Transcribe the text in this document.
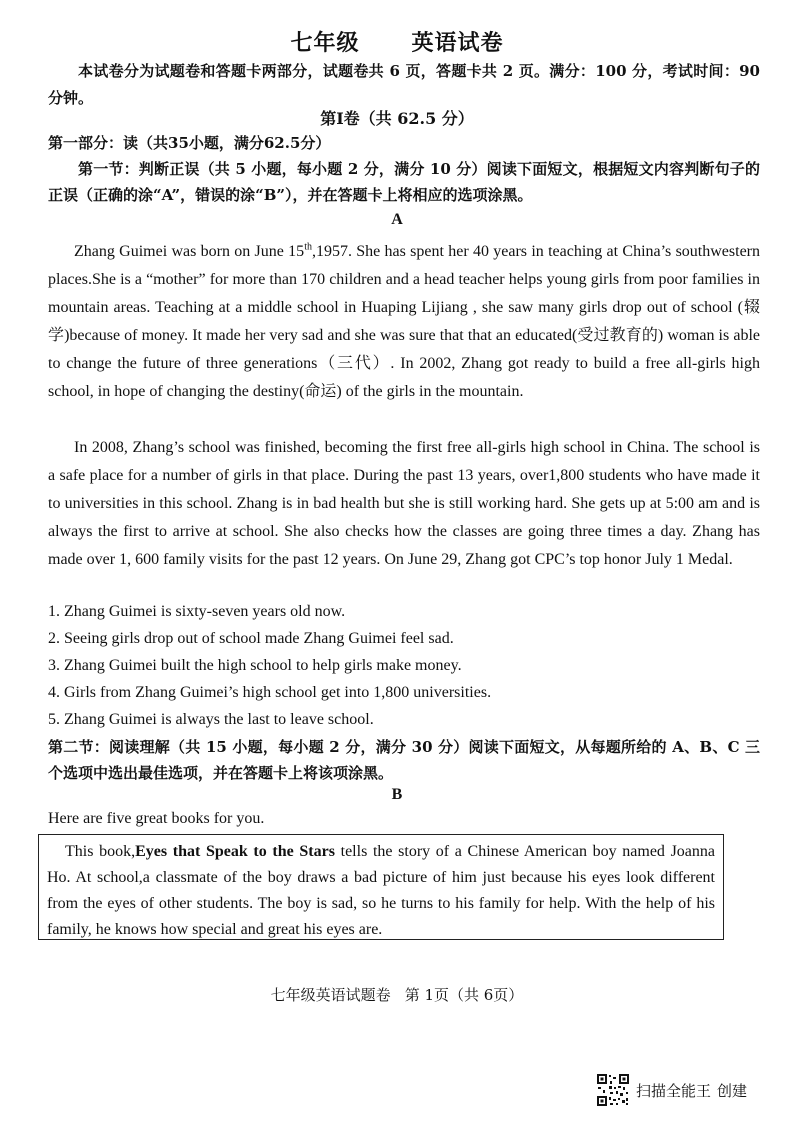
七年级 英语试卷
本试卷分为试题卷和答题卡两部分，试题卷共 6 页，答题卡共 2 页。满分：100 分，考试时间：90 分钟。
第I卷（共 62.5 分）
第一部分：读（共35小题，满分62.5分）
第一节：判断正误（共 5 小题，每小题 2 分，满分 10 分）阅读下面短文，根据短文内容判断句子的正误（正确的涂“A”，错误的涂“B”），并在答题卡上将相应的选项涂黑。
A

Zhang Guimei was born on June 15th,1957. She has spent her 40 years in teaching at China’s southwestern places.She is a “mother” for more than 170 children and a head teacher helps young girls from poor families in mountain areas. Teaching at a middle school in Huaping Lijiang , she saw many girls drop out of school (辍学)because of money. It made her very sad and she was sure that that an educated(受过教育的) woman is able to change the future of three generations（三代）. In 2002, Zhang got ready to build a free all-girls high school, in hope of changing the destiny(命运) of the girls in the mountain.

In 2008, Zhang’s school was finished, becoming the first free all-girls high school in China. The school is a safe place for a number of girls in that place. During the past 13 years, over1,800 students who have made it to universities in this school. Zhang is in bad health but she is still working hard. She gets up at 5:00 am and is always the first to arrive at school. She also checks how the classes are going three times a day. Zhang has made over 1, 600 family visits for the past 12 years. On June 29, Zhang got CPC’s top honor July 1 Medal.

1. Zhang Guimei is sixty-seven years old now.
2. Seeing girls drop out of school made Zhang Guimei feel sad.
3. Zhang Guimei built the high school to help girls make money.
4. Girls from Zhang Guimei’s high school get into 1,800 universities.
5. Zhang Guimei is always the last to leave school.
第二节：阅读理解（共 15 小题，每小题 2 分，满分 30 分）阅读下面短文，从每题所给的 A、B、C 三个选项中选出最佳选项，并在答题卡上将该项涂黑。
B
Here are five great books for you.

This book,Eyes that Speak to the Stars tells the story of a Chinese American boy named Joanna Ho. At school,a classmate of the boy draws a bad picture of him just because his eyes look different from the eyes of other students. The boy is sad, so he turns to his family for help. With the help of his family, he knows how special and great his eyes are.

七年级英语试题卷 第 1页（共 6页）
扫描全能王 创建
